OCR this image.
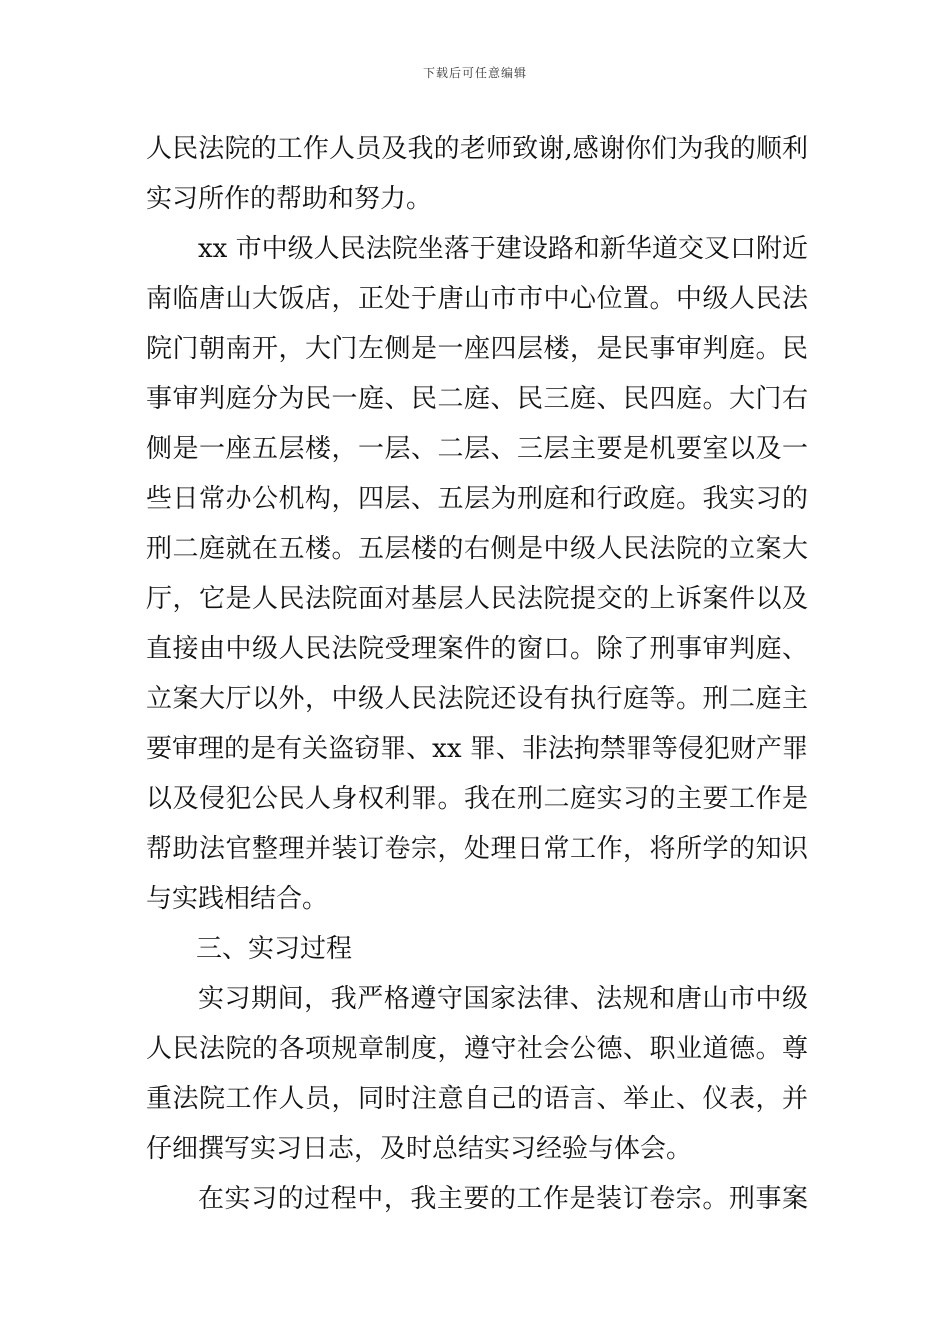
下载后可任意编辑
人民法院的工作人员及我的老师致谢,感谢你们为我的顺利
实习所作的帮助和努力。
xx 市中级人民法院坐落于建设路和新华道交叉口附近
南临唐山大饭店，正处于唐山市市中心位置。中级人民法
院门朝南开，大门左侧是一座四层楼，是民事审判庭。民
事审判庭分为民一庭、民二庭、民三庭、民四庭。大门右
侧是一座五层楼，一层、二层、三层主要是机要室以及一
些日常办公机构，四层、五层为刑庭和行政庭。我实习的
刑二庭就在五楼。五层楼的右侧是中级人民法院的立案大
厅，它是人民法院面对基层人民法院提交的上诉案件以及
直接由中级人民法院受理案件的窗口。除了刑事审判庭、
立案大厅以外，中级人民法院还设有执行庭等。刑二庭主
要审理的是有关盗窃罪、xx 罪、非法拘禁罪等侵犯财产罪
以及侵犯公民人身权利罪。我在刑二庭实习的主要工作是
帮助法官整理并装订卷宗，处理日常工作，将所学的知识
与实践相结合。
三、实习过程
实习期间，我严格遵守国家法律、法规和唐山市中级
人民法院的各项规章制度，遵守社会公德、职业道德。尊
重法院工作人员，同时注意自己的语言、举止、仪表，并
仔细撰写实习日志，及时总结实习经验与体会。
在实习的过程中，我主要的工作是装订卷宗。刑事案
